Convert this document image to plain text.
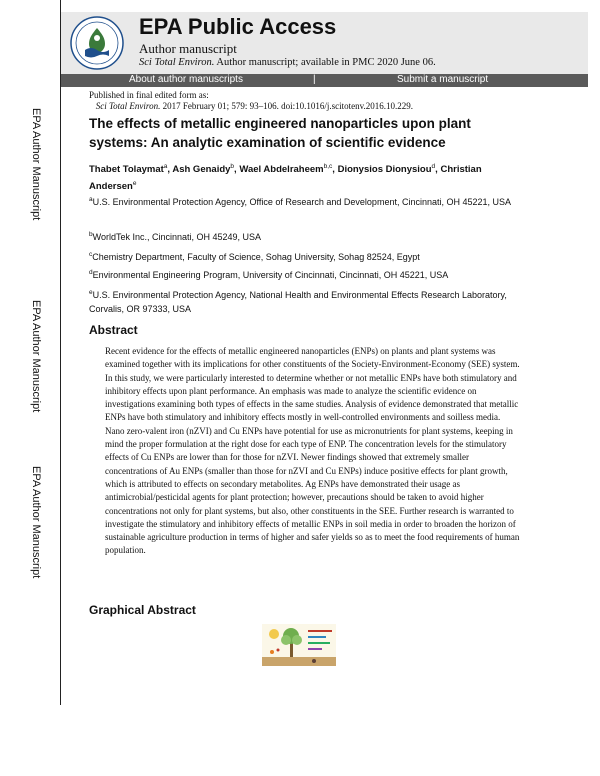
EPA Author Manuscript
EPA Author Manuscript
EPA Author Manuscript
EPA Public Access
Author manuscript
Sci Total Environ. Author manuscript; available in PMC 2020 June 06.
About author manuscripts	|	Submit a manuscript
Published in final edited form as:
Sci Total Environ. 2017 February 01; 579: 93–106. doi:10.1016/j.scitotenv.2016.10.229.
The effects of metallic engineered nanoparticles upon plant systems: An analytic examination of scientific evidence
Thabet Tolaymat$^a$, Ash Genaidy$^b$, Wael Abdelraheem$^{b,c}$, Dionysios Dionysiou$^d$, Christian Andersen$^e$
$^a$U.S. Environmental Protection Agency, Office of Research and Development, Cincinnati, OH 45221, USA
$^b$WorldTek Inc., Cincinnati, OH 45249, USA
$^c$Chemistry Department, Faculty of Science, Sohag University, Sohag 82524, Egypt
$^d$Environmental Engineering Program, University of Cincinnati, Cincinnati, OH 45221, USA
$^e$U.S. Environmental Protection Agency, National Health and Environmental Effects Research Laboratory, Corvalis, OR 97333, USA
Abstract

Recent evidence for the effects of metallic engineered nanoparticles (ENPs) on plants and plant systems was examined together with its implications for other constituents of the Society-Environment-Economy (SEE) system. In this study, we were particularly interested to determine whether or not metallic ENPs have both stimulatory and inhibitory effects upon plant performance. An emphasis was made to analyze the scientific evidence on investigations examining both types of effects in the same studies. Analysis of evidence demonstrated that metallic ENPs have both stimulatory and inhibitory effects mostly in well-controlled environments and soilless media. Nano zero-valent iron (nZVI) and Cu ENPs have potential for use as micronutrients for plant systems, keeping in mind the proper formulation at the right dose for each type of ENP. The concentration levels for the stimulatory effects of Cu ENPs are lower than for those for nZVI. Newer findings showed that extremely smaller concentrations of Au ENPs (smaller than those for nZVI and Cu ENPs) induce positive effects for plant growth, which is attributed to effects on secondary metabolites. Ag ENPs have demonstrated their usage as antimicrobial/pesticidal agents for plant protection; however, precautions should be taken to avoid higher concentrations not only for plant systems, but also, other constituents in the SEE. Further research is warranted to investigate the stimulatory and inhibitory effects of metallic ENPs in soil media in order to broaden the horizon of sustainable agriculture production in terms of higher and safer yields so as to meet the food requirements of human population.

Graphical Abstract
